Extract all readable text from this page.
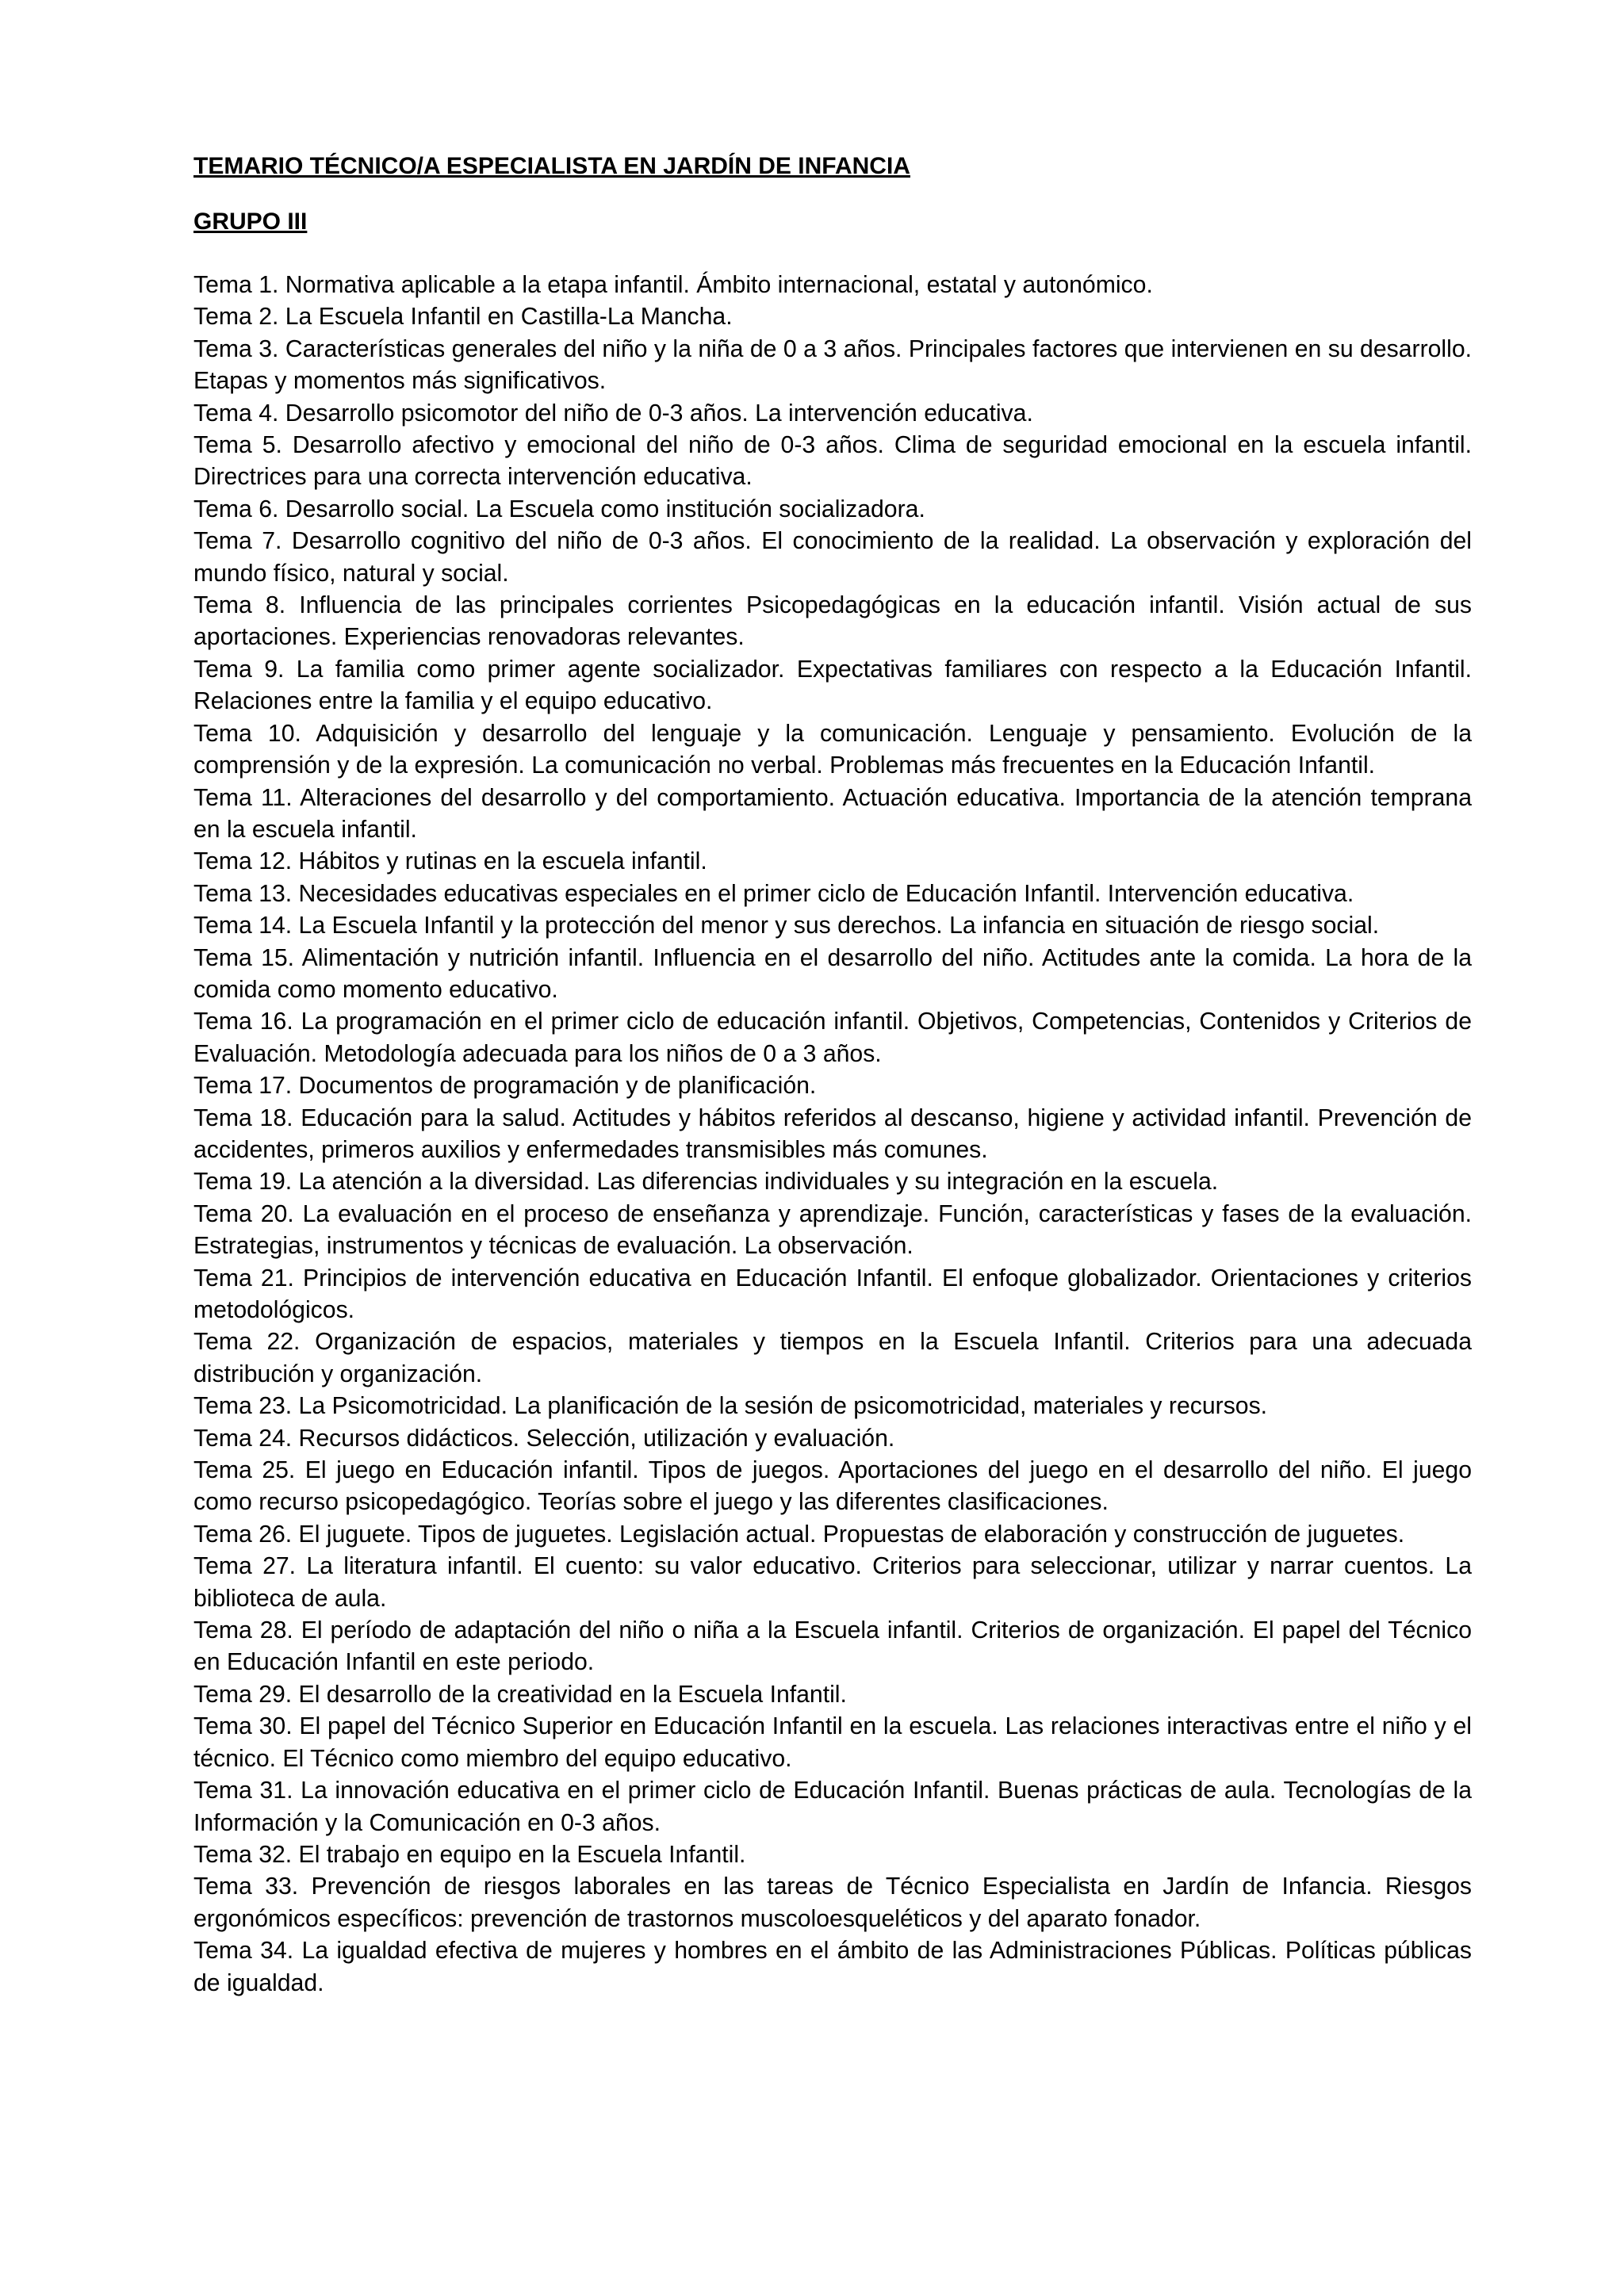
TEMARIO TÉCNICO/A ESPECIALISTA EN JARDÍN DE INFANCIA
GRUPO III
Tema 1. Normativa aplicable a la etapa infantil. Ámbito internacional, estatal y autonómico.
Tema 2. La Escuela Infantil en Castilla-La Mancha.
Tema 3. Características generales del niño y la niña de 0 a 3 años. Principales factores que intervienen en su desarrollo. Etapas y momentos más significativos.
Tema 4. Desarrollo psicomotor del niño de 0-3 años. La intervención educativa.
Tema 5. Desarrollo afectivo y emocional del niño de 0-3 años. Clima de seguridad emocional en la escuela infantil. Directrices para una correcta intervención educativa.
Tema 6. Desarrollo social. La Escuela como institución socializadora.
Tema 7. Desarrollo cognitivo del niño de 0-3 años. El conocimiento de la realidad. La observación y exploración del mundo físico, natural y social.
Tema 8. Influencia de las principales corrientes Psicopedagógicas en la educación infantil. Visión actual de sus aportaciones. Experiencias renovadoras relevantes.
Tema 9. La familia como primer agente socializador. Expectativas familiares con respecto a la Educación Infantil. Relaciones entre la familia y el equipo educativo.
Tema 10. Adquisición y desarrollo del lenguaje y la comunicación. Lenguaje y pensamiento. Evolución de la comprensión y de la expresión. La comunicación no verbal. Problemas más frecuentes en la Educación Infantil.
Tema 11. Alteraciones del desarrollo y del comportamiento. Actuación educativa. Importancia de la atención temprana en la escuela infantil.
Tema 12. Hábitos y rutinas en la escuela infantil.
Tema 13. Necesidades educativas especiales en el primer ciclo de Educación Infantil. Intervención educativa.
Tema 14. La Escuela Infantil y la protección del menor y sus derechos. La infancia en situación de riesgo social.
Tema 15. Alimentación y nutrición infantil. Influencia en el desarrollo del niño. Actitudes ante la comida. La hora de la comida como momento educativo.
Tema 16. La programación en el primer ciclo de educación infantil. Objetivos, Competencias, Contenidos y Criterios de Evaluación. Metodología adecuada para los niños de 0 a 3 años.
Tema 17. Documentos de programación y de planificación.
Tema 18. Educación para la salud. Actitudes y hábitos referidos al descanso, higiene y actividad infantil. Prevención de accidentes, primeros auxilios y enfermedades transmisibles más comunes.
Tema 19. La atención a la diversidad. Las diferencias individuales y su integración en la escuela.
Tema 20. La evaluación en el proceso de enseñanza y aprendizaje. Función, características y fases de la evaluación. Estrategias, instrumentos y técnicas de evaluación. La observación.
Tema 21. Principios de intervención educativa en Educación Infantil. El enfoque globalizador. Orientaciones y criterios metodológicos.
Tema 22. Organización de espacios, materiales y tiempos en la Escuela Infantil. Criterios para una adecuada distribución y organización.
Tema 23. La Psicomotricidad. La planificación de la sesión de psicomotricidad, materiales y recursos.
Tema 24. Recursos didácticos. Selección, utilización y evaluación.
Tema 25. El juego en Educación infantil. Tipos de juegos. Aportaciones del juego en el desarrollo del niño. El juego como recurso psicopedagógico. Teorías sobre el juego y las diferentes clasificaciones.
Tema 26. El juguete. Tipos de juguetes. Legislación actual. Propuestas de elaboración y construcción de juguetes.
Tema 27. La literatura infantil. El cuento: su valor educativo. Criterios para seleccionar, utilizar y narrar cuentos. La biblioteca de aula.
Tema 28. El período de adaptación del niño o niña a la Escuela infantil. Criterios de organización. El papel del Técnico en Educación Infantil en este periodo.
Tema 29. El desarrollo de la creatividad en la Escuela Infantil.
Tema 30. El papel del Técnico Superior en Educación Infantil en la escuela. Las relaciones interactivas entre el niño y el técnico. El Técnico como miembro del equipo educativo.
Tema 31. La innovación educativa en el primer ciclo de Educación Infantil. Buenas prácticas de aula. Tecnologías de la Información y la Comunicación en 0-3 años.
Tema 32. El trabajo en equipo en la Escuela Infantil.
Tema 33. Prevención de riesgos laborales en las tareas de Técnico Especialista en Jardín de Infancia. Riesgos ergonómicos específicos: prevención de trastornos muscoloesqueléticos y del aparato fonador.
Tema 34. La igualdad efectiva de mujeres y hombres en el ámbito de las Administraciones Públicas. Políticas públicas de igualdad.
